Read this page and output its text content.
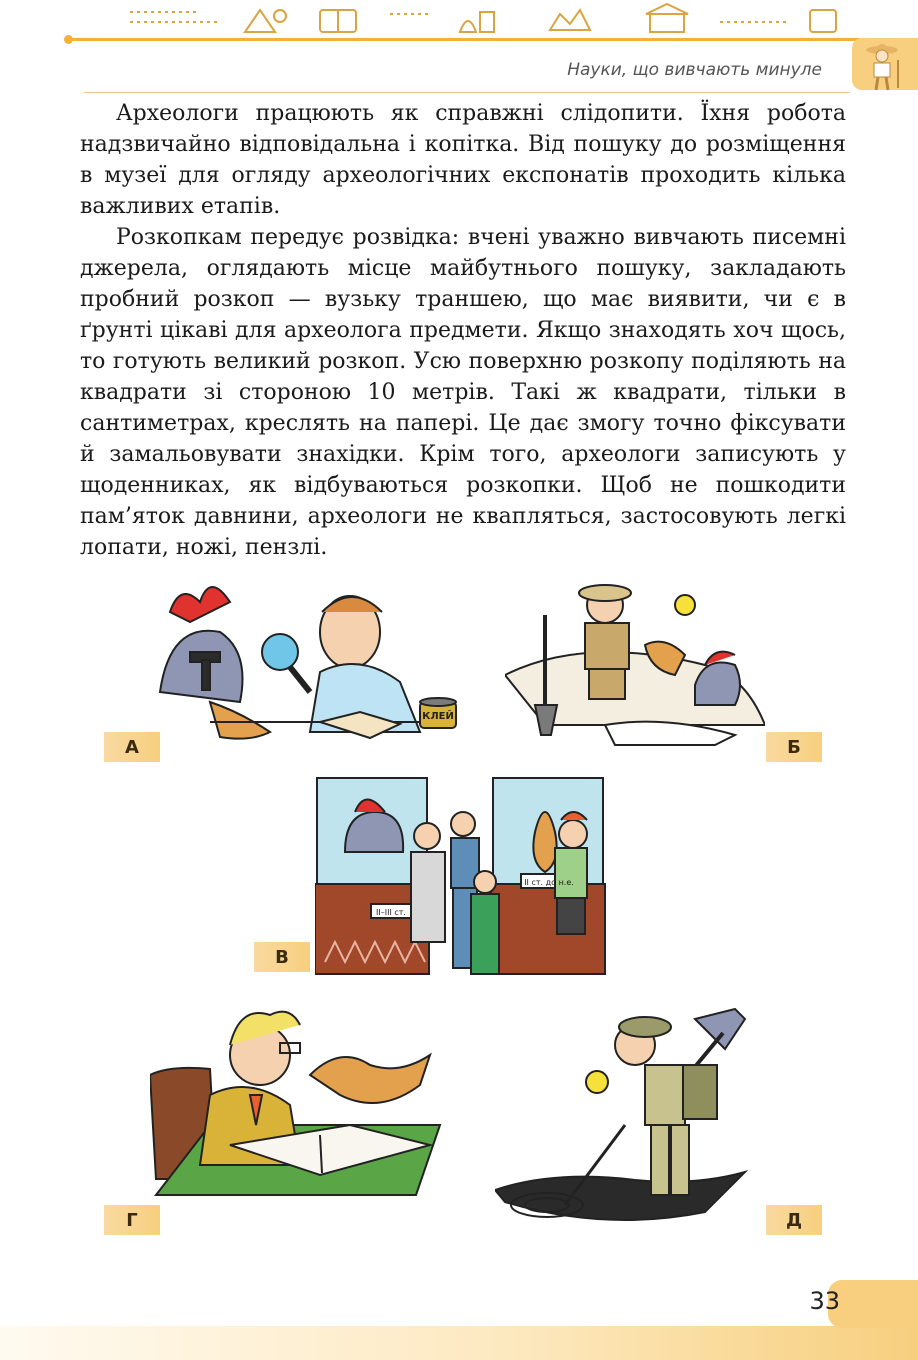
Науки, що вивчають минуле

Археологи працюють як справжні слідопити. Їхня робота надзвичайно відповідальна і копітка. Від пошуку до розміщення в музеї для огляду археологічних експонатів проходить кілька важливих етапів.

Розкопкам передує розвідка: вчені уважно вивчають писемні джерела, оглядають місце майбутнього пошуку, закладають пробний розкоп — вузьку траншею, що має виявити, чи є в ґрунті цікаві для археолога предмети. Якщо знаходять хоч щось, то готують великий розкоп. Усю поверхню розкопу поділяють на квадрати зі стороною 10 метрів. Такі ж квадрати, тільки в сантиметрах, креслять на папері. Це дає змогу точно фіксувати й замальовувати знахідки. Крім того, археологи записують у щоденниках, як відбуваються розкопки. Щоб не пошкодити пам’яток давнини, археологи не квапляться, застосовують легкі лопати, ножі, пензлі.

КЛЕЙ
А	Б
ІІ–ІІІ ст.
ІІ ст. до н.е.
В
Г	Д
33
